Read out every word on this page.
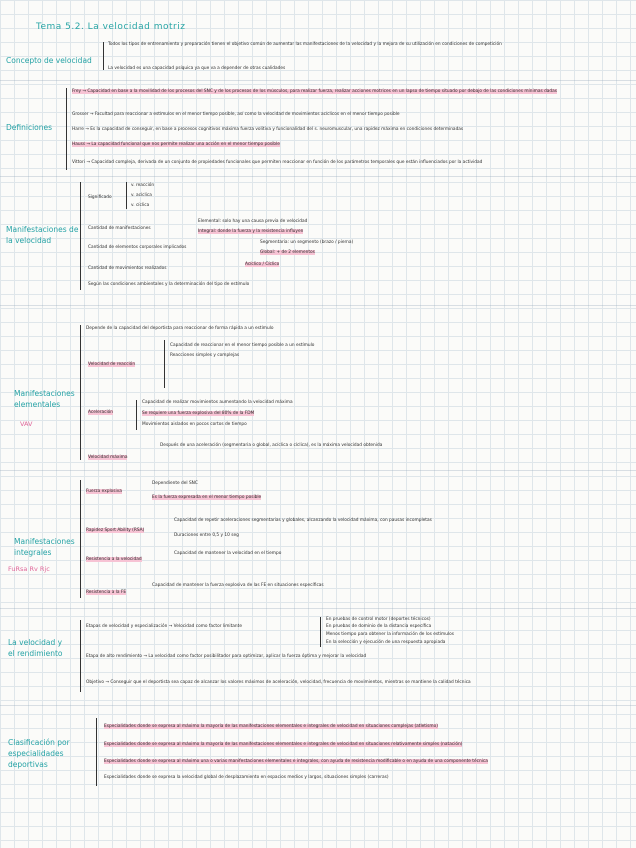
Tema 5.2. La velocidad motriz
Concepto de velocidad
Todos los tipos de entrenamiento y preparación tienen el objetivo común de aumentar las manifestaciones de la velocidad y la mejora de su utilización en condiciones de competición
La velocidad es una capacidad psíquica ya que va a depender de otras cualidades
Definiciones
Frey → Capacidad en base a la movilidad de los procesos del SNC y de los procesos de los músculos, para realizar fuerza, realizar acciones motrices en un lapso de tiempo situado por debajo de las condiciones mínimas dadas
Grosser → Facultad para reaccionar a estímulos en el menor tiempo posible, así como la velocidad de movimientos acíclicos en el menor tiempo posible
Harre → Es la capacidad de conseguir, en base a procesos cognitivos máxima fuerza volitiva y funcionalidad del s. neuromuscular, una rapidez máxima en condiciones determinadas
Hauss → La capacidad funcional que nos permite realizar una acción en el menor tiempo posible
Vittori → Capacidad compleja, derivada de un conjunto de propiedades funcionales que permiten reaccionar en función de los parámetros temporales que están influenciados por la actividad
Manifestaciones de la velocidad
Significado
v. reacción
v. acíclica
v. cíclica
Cantidad de manifestaciones
Elemental: solo hay una causa previa de velocidad
Integral: donde la fuerza y la resistencia influyen
Cantidad de elementos corporales implicados
Segmentaria: un segmento (brazo / pierna)
Global: + de 2 elementos
Cantidad de movimientos realizados
Acíclico / Cíclico
Según las condiciones ambientales y la determinación del tipo de estímulo
Manifestaciones elementales
VAV
Depende de la capacidad del deportista para reaccionar de forma rápida a un estímulo
Velocidad de reacción
Capacidad de reaccionar en el menor tiempo posible a un estímulo
Reacciones simples y complejas
Aceleración
Capacidad de realizar movimientos aumentando la velocidad máxima
Se requiere una fuerza explosiva del 80% de la FDM
Movimientos aislados en pocos cortos de tiempo
Velocidad máxima
Después de una aceleración (segmentaria o global, acíclica o cíclica), es la máxima velocidad obtenida
Manifestaciones integrales
FuRsa Rv Rjc
Fuerza explosiva
Dependiente del SNC
Es la fuerza expresada en el menor tiempo posible
Rapidez Sport Ability (RSA)
Capacidad de repetir aceleraciones segmentarias y globales, alcanzando la velocidad máxima, con pausas incompletas
Duraciones entre 0,5 y 10 seg
Resistencia a la velocidad
Capacidad de mantener la velocidad en el tiempo
Resistencia a la FE
Capacidad de mantener la fuerza explosiva de las FE en situaciones específicas
La velocidad y el rendimiento
Etapas de velocidad y especialización → Velocidad como factor limitante
En pruebas de control motor (deportes técnicos)
En pruebas de dominio de la distancia específica
Menos tiempo para obtener la información de los estímulos
En la selección y ejecución de una respuesta apropiada
Etapa de alto rendimiento → La velocidad como factor posibilitador para optimizar, aplicar la fuerza óptima y mejorar la velocidad
Objetivo → Conseguir que el deportista sea capaz de alcanzar los valores máximos de aceleración, velocidad, frecuencia de movimientos, mientras se mantiene la calidad técnica
Clasificación por especialidades deportivas
Especialidades donde se expresa al máximo la mayoría de las manifestaciones elementales e integrales de velocidad en situaciones complejas (atletismo)
Especialidades donde se expresa al máximo la mayoría de las manifestaciones elementales e integrales de velocidad en situaciones relativamente simples (natación)
Especialidades donde se expresa al máximo una o varias manifestaciones elementales e integrales, con ayuda de resistencia modificable o en ayuda de una componente técnica
Especialidades donde se expresa la velocidad global de desplazamiento en espacios medios y largos, situaciones simples (carreras)
